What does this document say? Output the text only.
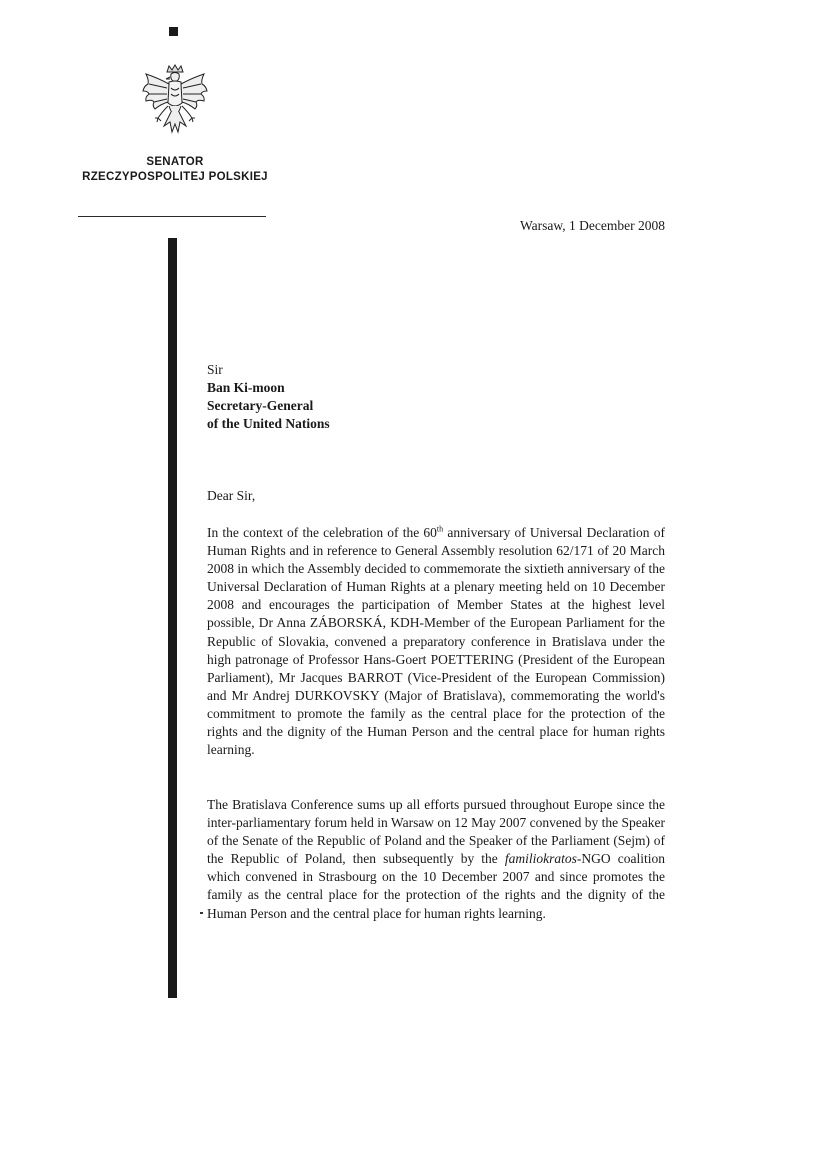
SENATOR
RZECZYPOSPOLITEJ POLSKIEJ
Warsaw, 1 December 2008
Sir
Ban Ki-moon
Secretary-General
of the United Nations
Dear Sir,

In the context of the celebration of the 60th anniversary of Universal Declaration of Human Rights and in reference to General Assembly resolution 62/171 of 20 March 2008 in which the Assembly decided to commemorate the sixtieth anniversary of the Universal Declaration of Human Rights at a plenary meeting held on 10 December 2008 and encourages the participation of Member States at the highest level possible, Dr Anna ZÁBORSKÁ, KDH-Member of the European Parliament for the Republic of Slovakia, convened a preparatory conference in Bratislava under the high patronage of Professor Hans-Goert POETTERING (President of the European Parliament), Mr Jacques BARROT (Vice-President of the European Commission) and Mr Andrej DURKOVSKY (Major of Bratislava), commemorating the world's commitment to promote the family as the central place for the protection of the rights and the dignity of the Human Person and the central place for human rights learning.

The Bratislava Conference sums up all efforts pursued throughout Europe since the inter-parliamentary forum held in Warsaw on 12 May 2007 convened by the Speaker of the Senate of the Republic of Poland and the Speaker of the Parliament (Sejm) of the Republic of Poland, then subsequently by the familiokratos-NGO coalition which convened in Strasbourg on the 10 December 2007 and since promotes the family as the central place for the protection of the rights and the dignity of the Human Person and the central place for human rights learning.
